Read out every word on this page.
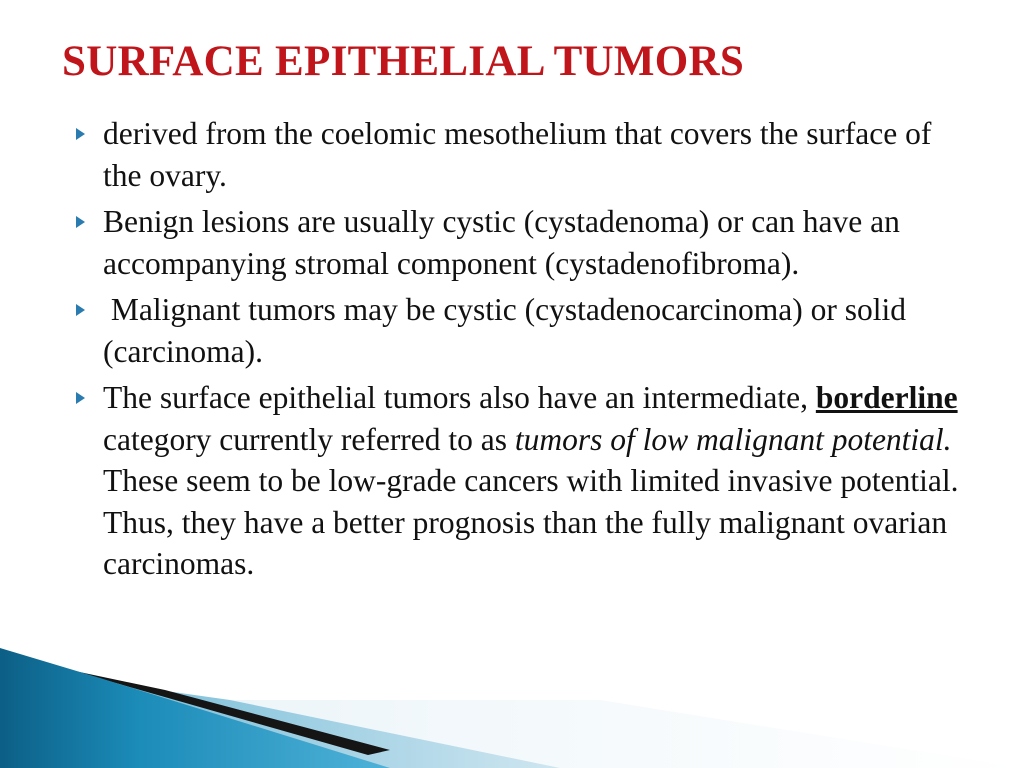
SURFACE EPITHELIAL TUMORS
derived from the coelomic mesothelium that covers the surface of the ovary.
Benign lesions are usually cystic (cystadenoma) or can have an accompanying stromal component (cystadenofibroma).
Malignant tumors may be cystic (cystadenocarcinoma) or solid (carcinoma).
The surface epithelial tumors also have an intermediate, borderline category currently referred to as tumors of low malignant potential. These seem to be low-grade cancers with limited invasive potential. Thus, they have a better prognosis than the fully malignant ovarian carcinomas.
